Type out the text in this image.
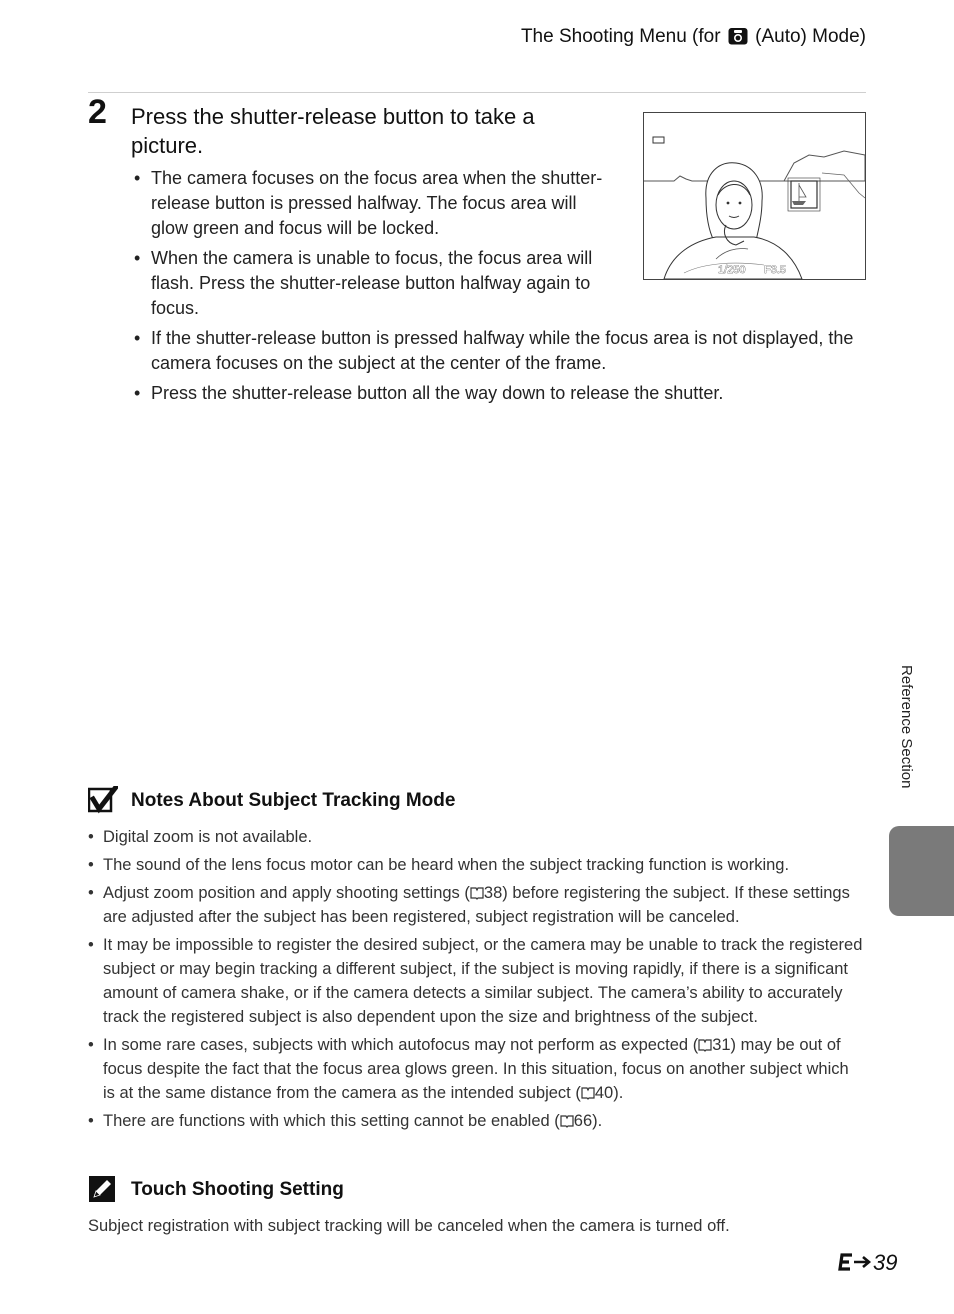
The Shooting Menu (for (Auto) Mode)
2 Press the shutter-release button to take a picture.
• The camera focuses on the focus area when the shutter-release button is pressed halfway. The focus area will glow green and focus will be locked.
• When the camera is unable to focus, the focus area will flash. Press the shutter-release button halfway again to focus.
• If the shutter-release button is pressed halfway while the focus area is not displayed, the camera focuses on the subject at the center of the frame.
• Press the shutter-release button all the way down to release the shutter.
1/250 F3.5
Notes About Subject Tracking Mode
• Digital zoom is not available.
• The sound of the lens focus motor can be heard when the subject tracking function is working.
• Adjust zoom position and apply shooting settings ( 38) before registering the subject. If these settings are adjusted after the subject has been registered, subject registration will be canceled.
• It may be impossible to register the desired subject, or the camera may be unable to track the registered subject or may begin tracking a different subject, if the subject is moving rapidly, if there is a significant amount of camera shake, or if the camera detects a similar subject. The camera’s ability to accurately track the registered subject is also dependent upon the size and brightness of the subject.
• In some rare cases, subjects with which autofocus may not perform as expected ( 31) may be out of focus despite the fact that the focus area glows green. In this situation, focus on another subject which is at the same distance from the camera as the intended subject ( 40).
• There are functions with which this setting cannot be enabled ( 66).
Touch Shooting Setting
Subject registration with subject tracking will be canceled when the camera is turned off.
Reference Section
39
